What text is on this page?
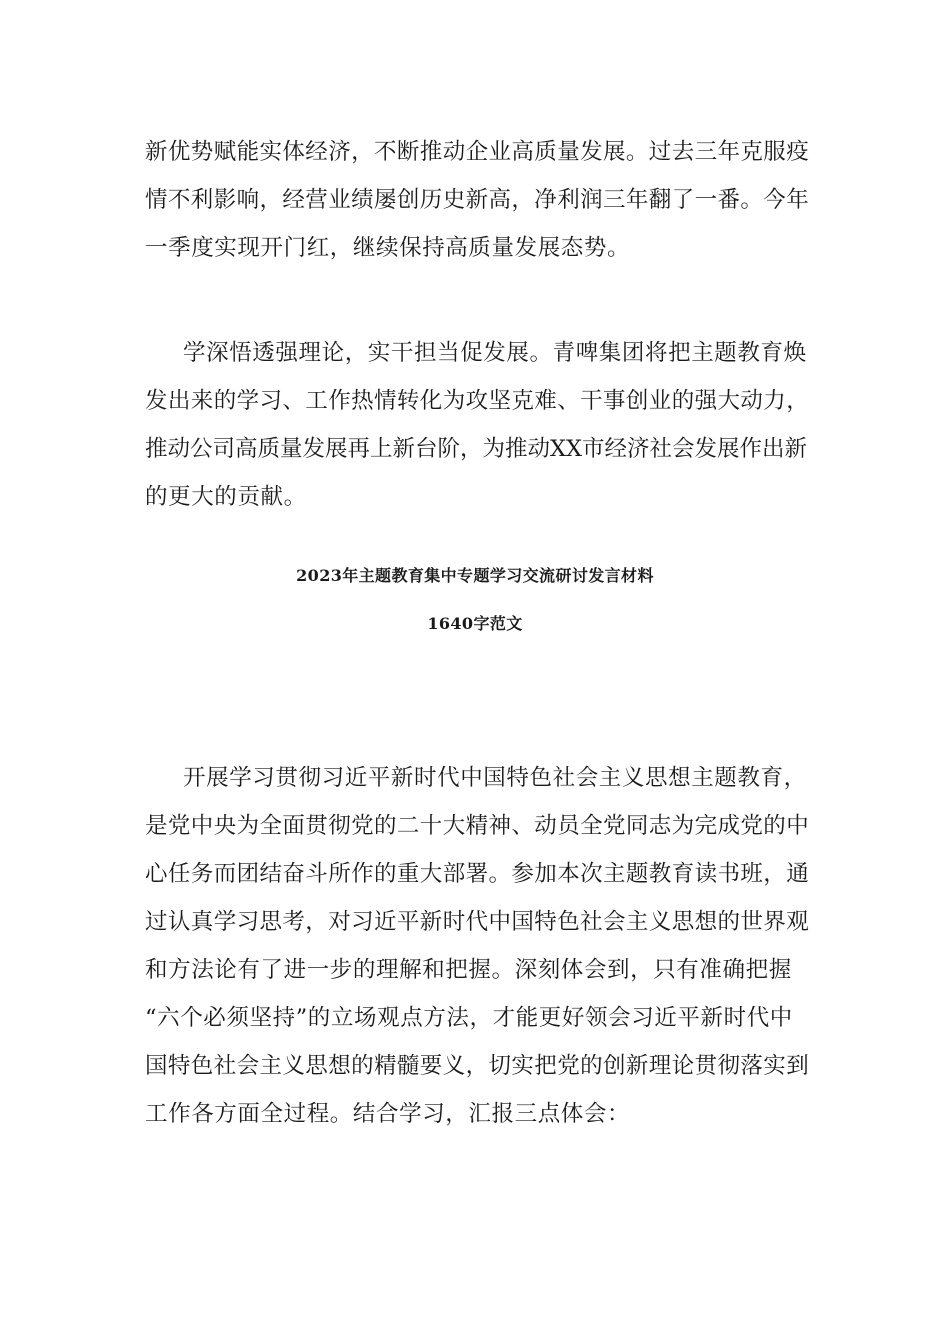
新优势赋能实体经济，不断推动企业高质量发展。过去三年克服疫
情不利影响，经营业绩屡创历史新高，净利润三年翻了一番。今年
一季度实现开门红，继续保持高质量发展态势。
学深悟透强理论，实干担当促发展。青啤集团将把主题教育焕
发出来的学习、工作热情转化为攻坚克难、干事创业的强大动力，
推动公司高质量发展再上新台阶，为推动XX市经济社会发展作出新
的更大的贡献。
2023年主题教育集中专题学习交流研讨发言材料
1640字范文
开展学习贯彻习近平新时代中国特色社会主义思想主题教育，
是党中央为全面贯彻党的二十大精神、动员全党同志为完成党的中
心任务而团结奋斗所作的重大部署。参加本次主题教育读书班，通
过认真学习思考，对习近平新时代中国特色社会主义思想的世界观
和方法论有了进一步的理解和把握。深刻体会到，只有准确把握
“六个必须坚持”的立场观点方法，才能更好领会习近平新时代中
国特色社会主义思想的精髓要义，切实把党的创新理论贯彻落实到
工作各方面全过程。结合学习，汇报三点体会：
